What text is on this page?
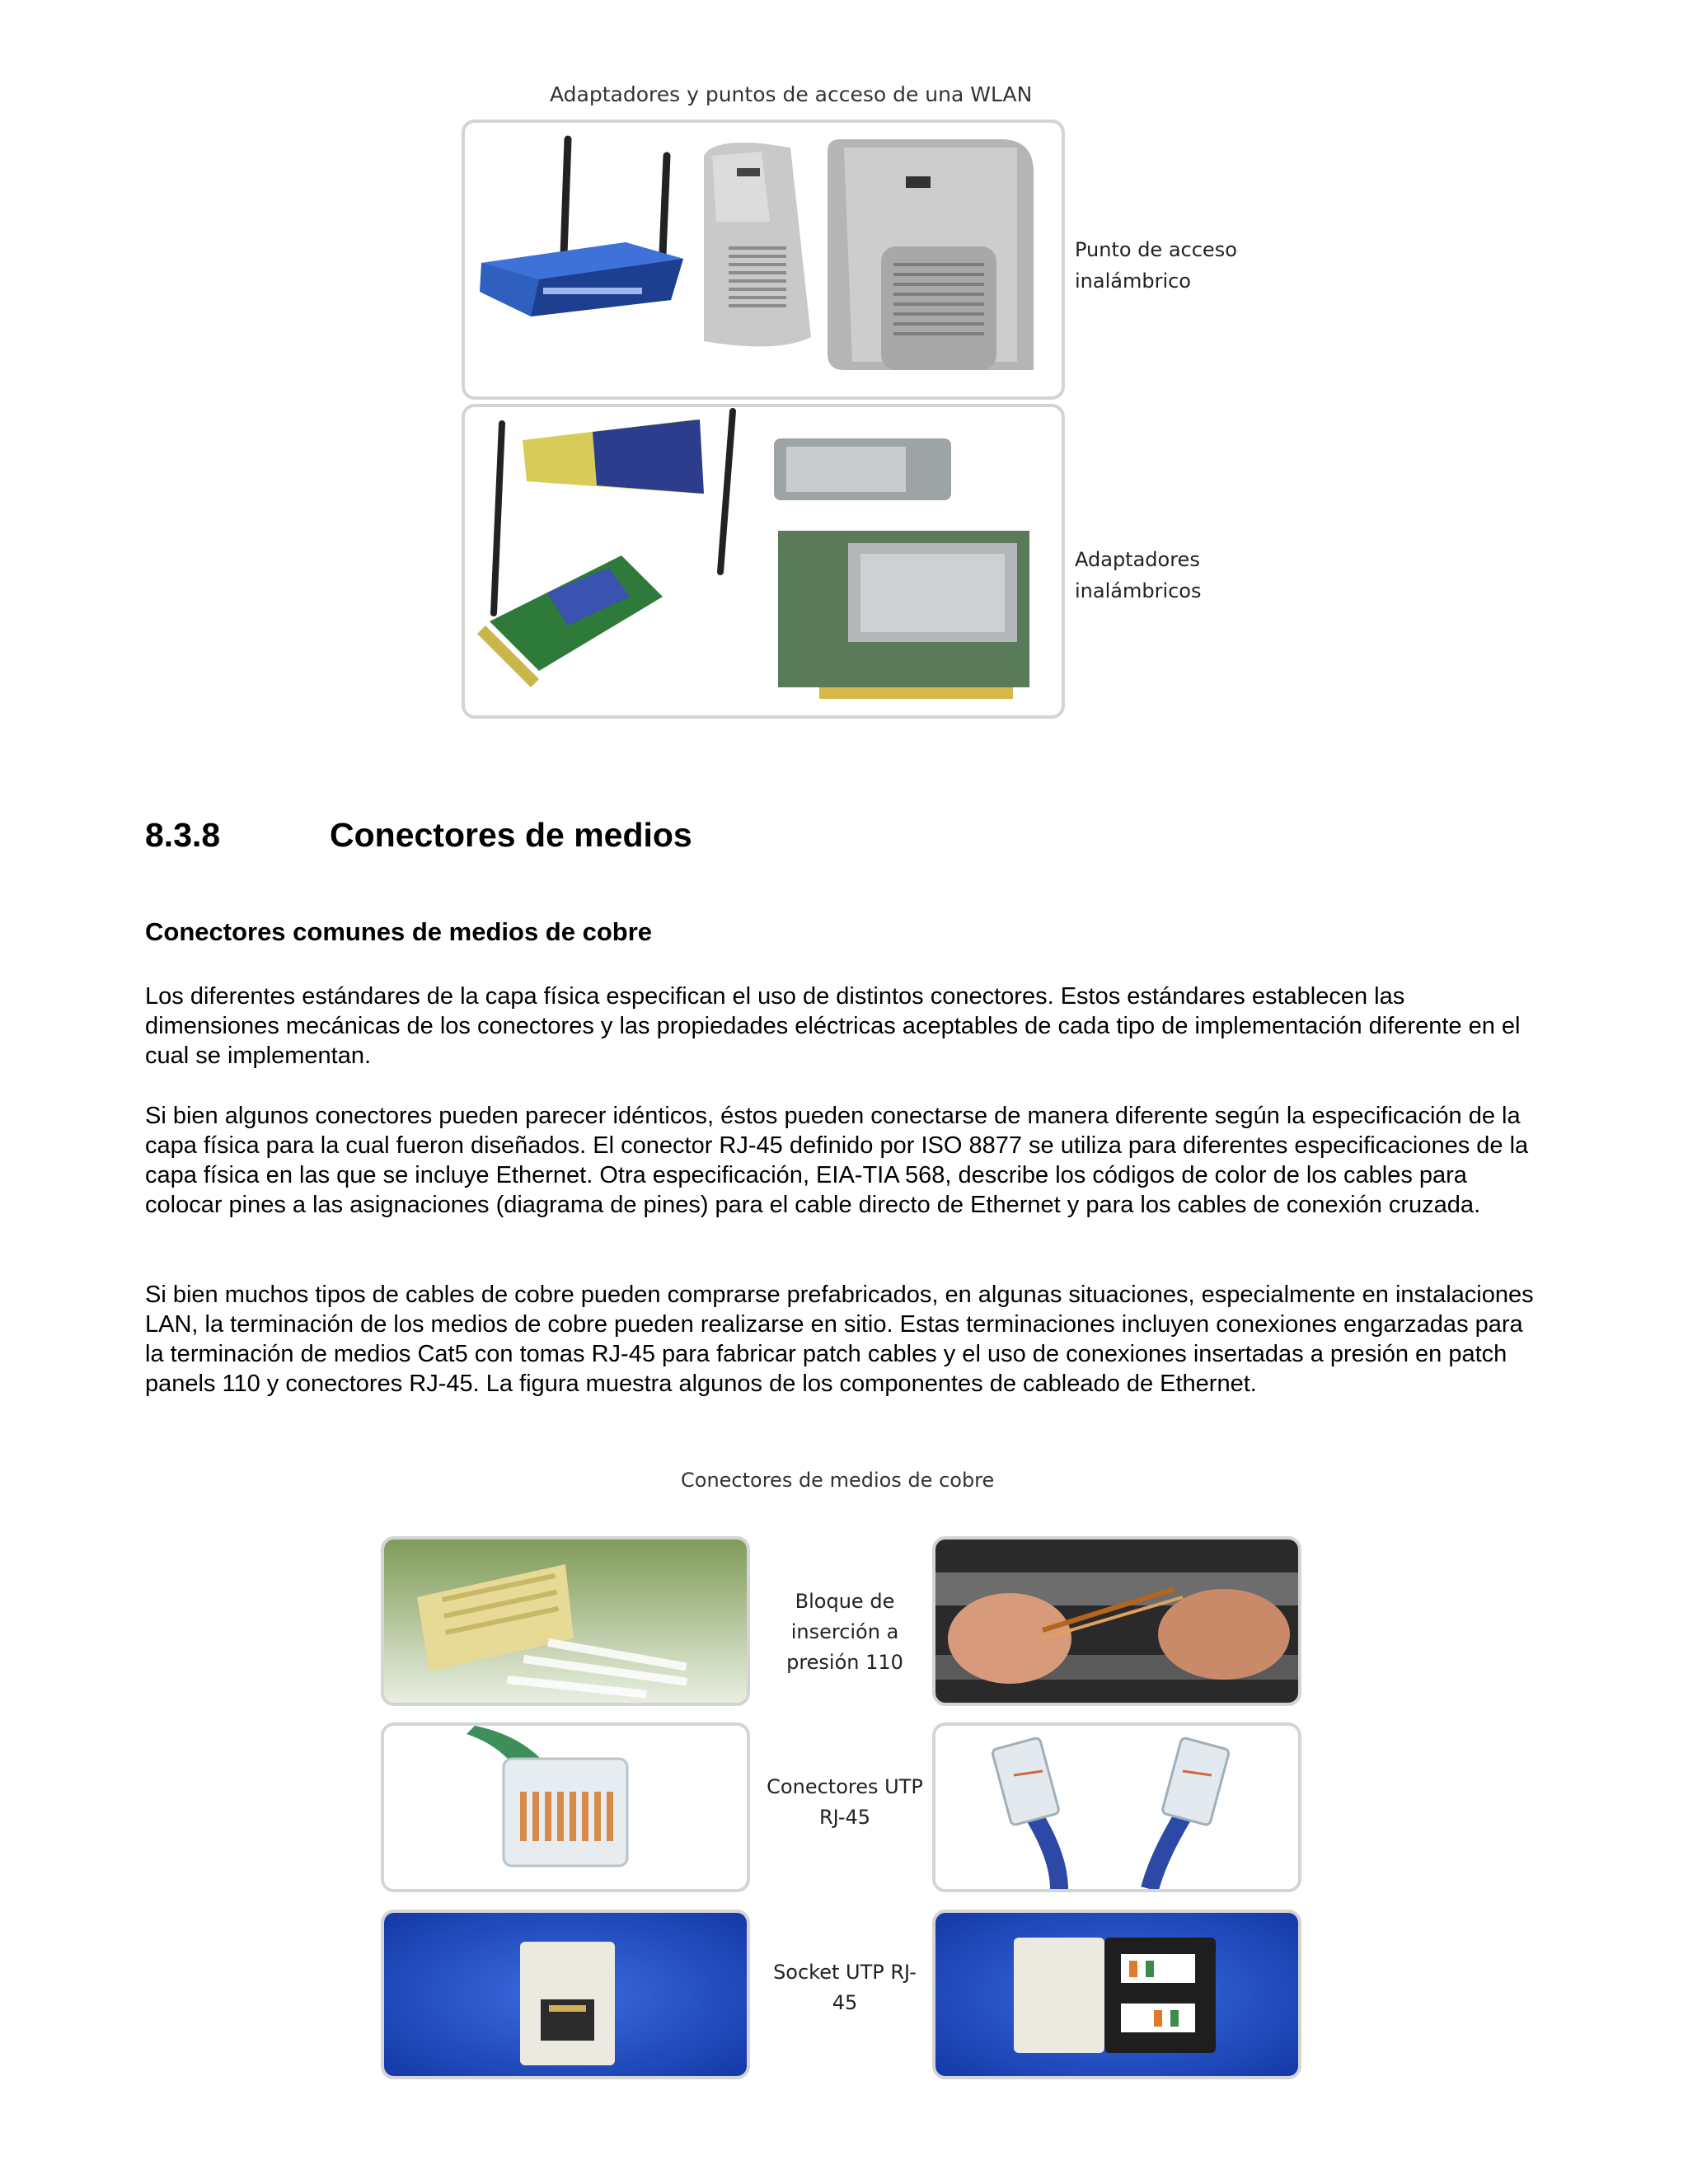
Adaptadores y puntos de acceso de una WLAN
Punto de acceso
inalámbrico
Adaptadores
inalámbricos
8.3.8	Conectores de medios
Conectores comunes de medios de cobre

Los diferentes estándares de la capa física especifican el uso de distintos conectores. Estos estándares establecen las dimensiones mecánicas de los conectores y las propiedades eléctricas aceptables de cada tipo de implementación diferente en el cual se implementan.

Si bien algunos conectores pueden parecer idénticos, éstos pueden conectarse de manera diferente según la especificación de la capa física para la cual fueron diseñados. El conector RJ-45 definido por ISO 8877 se utiliza para diferentes especificaciones de la capa física en las que se incluye Ethernet. Otra especificación, EIA-TIA 568, describe los códigos de color de los cables para colocar pines a las asignaciones (diagrama de pines) para el cable directo de Ethernet y para los cables de conexión cruzada.

Si bien muchos tipos de cables de cobre pueden comprarse prefabricados, en algunas situaciones, especialmente en instalaciones LAN, la terminación de los medios de cobre pueden realizarse en sitio. Estas terminaciones incluyen conexiones engarzadas para la terminación de medios Cat5 con tomas RJ-45 para fabricar patch cables y el uso de conexiones insertadas a presión en patch panels 110 y conectores RJ-45. La figura muestra algunos de los componentes de cableado de Ethernet.

Conectores de medios de cobre
Bloque de
inserción a
presión 110
Conectores UTP
RJ-45
Socket UTP RJ-
45
